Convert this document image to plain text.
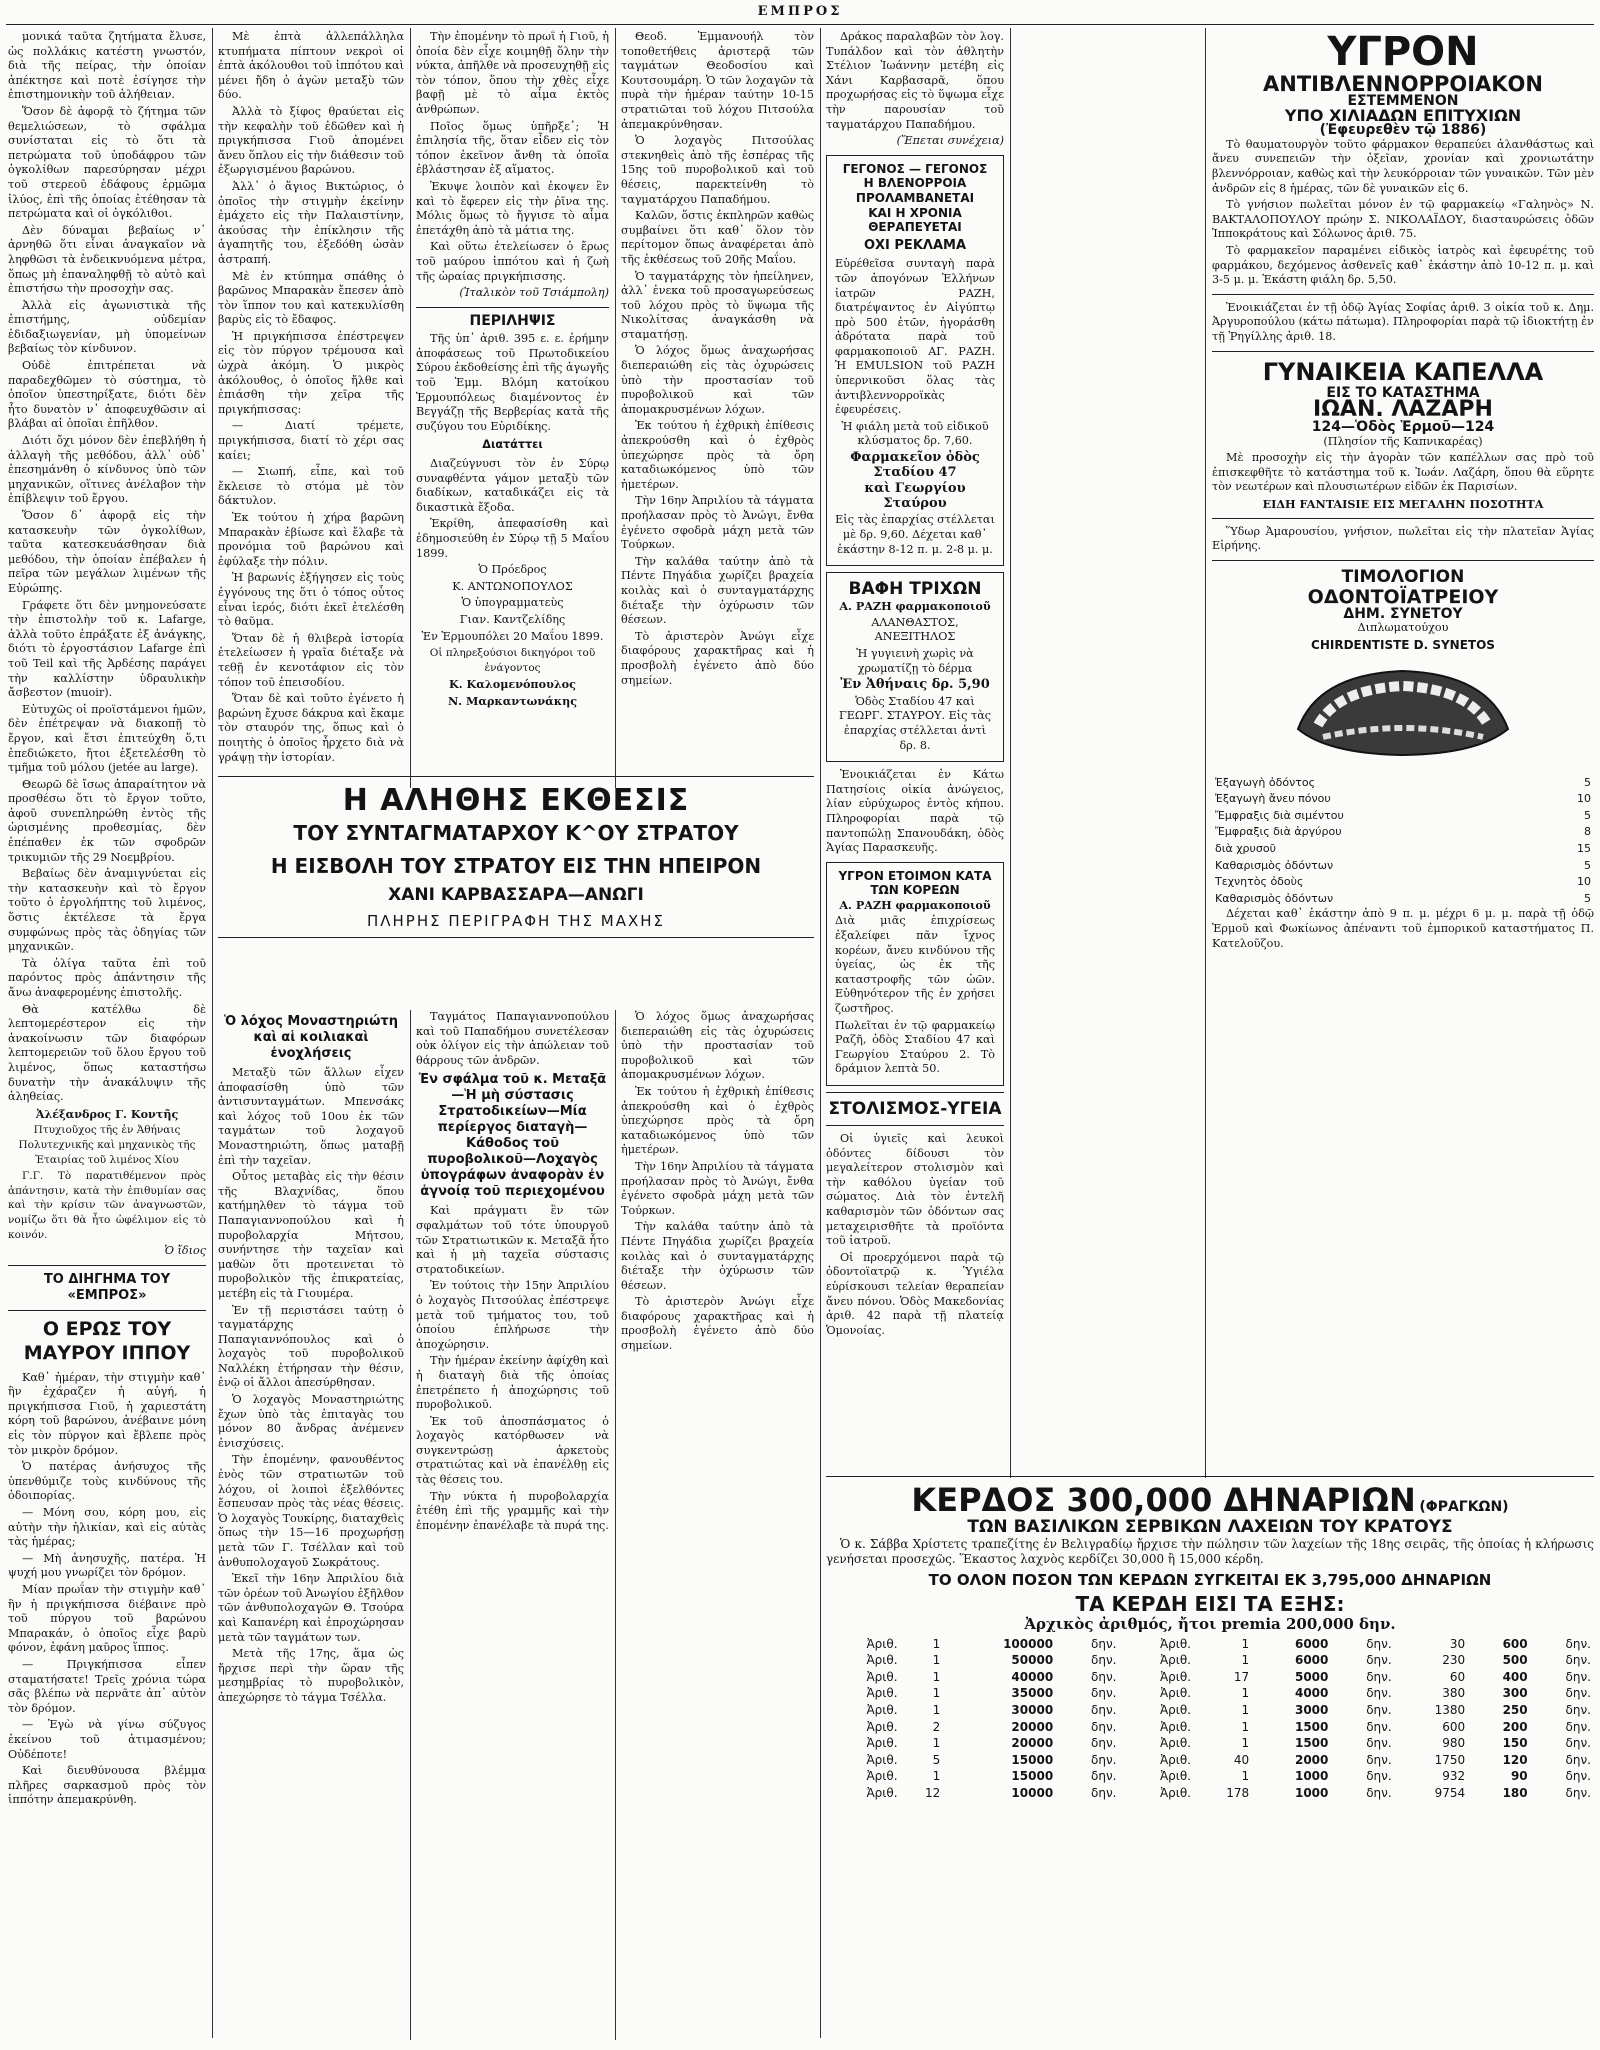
ΕΜΠΡΟΣ

μονικά ταῦτα ζητήματα ἔλυσε, ὡς πολλάκις κατέστη γνωστόν, διὰ τῆς πείρας, τὴν ὁποίαν ἀπέκτησε καὶ ποτὲ ἐσίγησε τὴν ἐπιστημονικὴν τοῦ ἀλήθειαν.

Ὅσον δὲ ἀφορᾷ τὸ ζήτημα τῶν θεμελιώσεων, τὸ σφάλμα συνίσταται εἰς τὸ ὅτι τὰ πετρώματα τοῦ ὑποδάφρου τῶν ὀγκολίθων παρεσύρησαν μέχρι τοῦ στερεοῦ ἐδάφους ἐρμῶμα ἰλύος, ἐπὶ τῆς ὁποίας ἐτέθησαν τὰ πετρώματα καὶ οἱ ὀγκόλιθοι.

Δὲν δύναμαι βεβαίως ν᾿ ἀρνηθῶ ὅτι εἶναι ἀναγκαῖον νὰ ληφθῶσι τὰ ἐνδεικνυόμενα μέτρα, ὅπως μὴ ἐπαναληφθῇ τὸ αὐτὸ καὶ ἐπιστήσω τὴν προσοχὴν σας.

Ἀλλὰ εἰς ἀγωνιστικὰ τῆς ἐπιστήμης, οὐδεμίαν ἐδιδαξιωγενίαν, μὴ ὑπομείνων βεβαίως τὸν κίνδυνον.

Οὐδὲ ἐπιτρέπεται νὰ παραδεχθῶμεν τὸ σύστημα, τὸ ὁποῖον ὑπεστηρίξατε, διότι δὲν ἦτο δυνατὸν ν᾿ ἀποφευχθῶσιν αἱ βλάβαι αἱ ὁποῖαι ἐπῆλθον.

Διότι ὄχι μόνον δὲν ἐπεβλήθη ἡ ἀλλαγὴ τῆς μεθόδου, ἀλλ᾿ οὐδ᾿ ἐπεσημάνθη ὁ κίνδυνος ὑπὸ τῶν μηχανικῶν, οἵτινες ἀνέλαβον τὴν ἐπίβλεψιν τοῦ ἔργου.

Ὅσον δ᾿ ἀφορᾷ εἰς τὴν κατασκευὴν τῶν ὀγκολίθων, ταῦτα κατεσκευάσθησαν διὰ μεθόδου, τὴν ὁποίαν ἐπέβαλεν ἡ πεῖρα τῶν μεγάλων λιμένων τῆς Εὐρώπης.

Γράφετε ὅτι δὲν μνημονεύσατε τὴν ἐπιστολὴν τοῦ κ. Lafarge, ἀλλὰ τοῦτο ἐπράξατε ἐξ ἀνάγκης, διότι τὸ ἐργοστάσιον Lafarge ἐπὶ τοῦ Teil καὶ τῆς Ἀρδέσης παράγει τὴν καλλίστην ὑδραυλικὴν ἄσβεστον (muoir).

Εὐτυχῶς οἱ προϊστάμενοι ἡμῶν, δὲν ἐπέτρεψαν νὰ διακοπῇ τὸ ἔργον, καὶ ἔτσι ἐπιτεύχθη ὅ,τι ἐπεδιώκετο, ἤτοι ἐξετελέσθη τὸ τμῆμα τοῦ μόλου (jetée au large).

Θεωρῶ δὲ ἴσως ἀπαραίτητον νὰ προσθέσω ὅτι τὸ ἔργον τοῦτο, ἀφοῦ συνεπληρώθη ἐντὸς τῆς ὡρισμένης προθεσμίας, δὲν ἐπέπαθεν ἐκ τῶν σφοδρῶν τρικυμιῶν τῆς 29 Νοεμβρίου.

Βεβαίως δὲν ἀναμιγνύεται εἰς τὴν κατασκευὴν καὶ τὸ ἔργον τοῦτο ὁ ἐργολήπτης τοῦ λιμένος, ὅστις ἐκτέλεσε τὰ ἔργα συμφώνως πρὸς τὰς ὁδηγίας τῶν μηχανικῶν.

Τὰ ὀλίγα ταῦτα ἐπὶ τοῦ παρόντος πρὸς ἀπάντησιν τῆς ἄνω ἀναφερομένης ἐπιστολῆς.

Θὰ κατέλθω δὲ λεπτομερέστερον εἰς τὴν ἀνακοίνωσιν τῶν διαφόρων λεπτομερειῶν τοῦ ὅλου ἔργου τοῦ λιμένος, ὅπως καταστήσω δυνατὴν τὴν ἀνακάλυψιν τῆς ἀληθείας.

Ἀλέξανδρος Γ. Κοντῆς

Πτυχιοῦχος τῆς ἐν Ἀθήναις Πολυτεχνικῆς καὶ μηχανικὸς τῆς Ἑταιρίας τοῦ λιμένος Χίου

Γ.Γ. Τὸ παρατιθέμενον πρὸς ἀπάντησιν, κατὰ τὴν ἐπιθυμίαν σας καὶ τὴν κρίσιν τῶν ἀναγνωστῶν, νομίζω ὅτι θὰ ἦτο ὠφέλιμον εἰς τὸ κοινόν.

Ὁ ἴδιος

ΤΟ ΔΙΗΓΗΜΑ ΤΟΥ «ΕΜΠΡΟΣ»
Ο ΕΡΩΣ ΤΟΥ ΜΑΥΡΟΥ ΙΠΠΟΥ

Καθ᾿ ἡμέραν, τὴν στιγμὴν καθ᾿ ἣν ἐχάραζεν ἡ αὐγή, ἡ πριγκήπισσα Γιοῦ, ἡ χαριεστάτη κόρη τοῦ βαρώνου, ἀνέβαινε μόνη εἰς τὸν πύργον καὶ ἔβλεπε πρὸς τὸν μικρὸν δρόμον.

Ὁ πατέρας ἀνήσυχος τῆς ὑπενθύμιζε τοὺς κινδύνους τῆς ὁδοιπορίας.

— Μόνη σου, κόρη μου, εἰς αὐτὴν τὴν ἡλικίαν, καὶ εἰς αὐτὰς τὰς ἡμέρας;

— Μὴ ἀνησυχῆς, πατέρα. Ἡ ψυχή μου γνωρίζει τὸν δρόμον.

Μίαν πρωΐαν τὴν στιγμὴν καθ᾿ ἣν ἡ πριγκήπισσα διέβαινε πρὸ τοῦ πύργου τοῦ βαρώνου Μπαρακάν, ὁ ὁποῖος εἶχε βαρὺ φόνον, ἐφάνη μαῦρος ἵππος.

— Πριγκήπισσα εἶπεν σταματήσατε! Τρεῖς χρόνια τώρα σᾶς βλέπω νὰ περνᾶτε ἀπ᾿ αὐτὸν τὸν δρόμον.

— Ἐγὼ νὰ γίνω σύζυγος ἐκείνου τοῦ ἀτιμασμένου; Οὐδέποτε!

Καὶ διευθύνουσα βλέμμα πλῆρες σαρκασμοῦ πρὸς τὸν ἱππότην ἀπεμακρύνθη.

Μὲ ἑπτὰ ἀλλεπάλληλα κτυπήματα πίπτουν νεκροὶ οἱ ἐπτὰ ἀκόλουθοι τοῦ ἱππότου καὶ μένει ἤδη ὁ ἀγὼν μεταξὺ τῶν δύο.

Ἀλλὰ τὸ ξίφος θραύεται εἰς τὴν κεφαλὴν τοῦ ἐδῶθεν καὶ ἡ πριγκήπισσα Γιοῦ ἀπομένει ἄνευ ὅπλου εἰς τὴν διάθεσιν τοῦ ἐξωργισμένου βαρώνου.

Ἀλλ᾿ ὁ ἅγιος Βικτώριος, ὁ ὁποῖος τὴν στιγμὴν ἐκείνην ἐμάχετο εἰς τὴν Παλαιστίνην, ἀκούσας τὴν ἐπίκλησιν τῆς ἀγαπητῆς του, ἐξεδόθη ὡσὰν ἀστραπή.

Μὲ ἐν κτύπημα σπάθης ὁ βαρῶνος Μπαρακὰν ἔπεσεν ἀπὸ τὸν ἵππον του καὶ κατεκυλίσθη βαρὺς εἰς τὸ ἔδαφος.

Ἡ πριγκήπισσα ἐπέστρεψεν εἰς τὸν πύργον τρέμουσα καὶ ὠχρὰ ἀκόμη. Ὁ μικρὸς ἀκόλουθος, ὁ ὁποῖος ἤλθε καὶ ἐπιάσθη τὴν χεῖρα τῆς πριγκήπισσας:

— Διατί τρέμετε, πριγκήπισσα, διατί τὸ χέρι σας καίει;

— Σιωπή, εἶπε, καὶ τοῦ ἔκλεισε τὸ στόμα μὲ τὸν δάκτυλον.

Ἐκ τούτου ἡ χήρα βαρῶνη Μπαρακὰν ἐβίωσε καὶ ἔλαβε τὰ προνόμια τοῦ βαρώνου καὶ ἐφύλαξε τὴν πόλιν.

Ἡ βαρωνίς ἐξήγησεν εἰς τοὺς ἐγγόνους της ὅτι ὁ τόπος οὗτος εἶναι ἱερός, διότι ἐκεῖ ἐτελέσθη τὸ θαῦμα.

Ὅταν δὲ ἡ θλιβερὰ ἱστορία ἐτελείωσεν ἡ γραῖα διέταξε νὰ τεθῇ ἐν κενοτάφιον εἰς τὸν τόπον τοῦ ἐπεισοδίου.

Ὅταν δὲ καὶ τοῦτο ἐγένετο ἡ βαρώνη ἔχυσε δάκρυα καὶ ἔκαμε τὸν σταυρόν της, ὅπως καὶ ὁ ποιητὴς ὁ ὁποῖος ἦρχετο διὰ νὰ γράψῃ τὴν ἱστορίαν.

Τὴν ἐπομένην τὸ πρωΐ ἡ Γιοῦ, ἡ ὁποία δὲν εἶχε κοιμηθῇ ὅλην τὴν νύκτα, ἀπῆλθε νὰ προσευχηθῇ εἰς τὸν τόπον, ὅπου τὴν χθὲς εἶχε βαφῇ μὲ τὸ αἷμα ἐκτὸς ἀνθρώπων.

Ποῖος ὅμως ὑπῆρξε᾿; Ἡ ἐπιλησία τῆς, ὅταν εἶδεν εἰς τὸν τόπον ἐκεῖνον ἄνθη τὰ ὁποῖα ἐβλάστησαν ἐξ αἵματος.

Ἐκυψε λοιπὸν καὶ ἐκοψεν ἓν καὶ τὸ ἔφερεν εἰς τὴν ῥῖνα της. Μόλις ὅμως τὸ ἤγγισε τὸ αἷμα ἐπετάχθη ἀπὸ τὰ μάτια της.

Καὶ οὕτω ἐτελείωσεν ὁ ἔρως τοῦ μαύρου ἱππότου καὶ ἡ ζωὴ τῆς ὡραίας πριγκήπισσης.

(Ἰταλικὸν τοῦ Τσιάμπολη)

ΠΕΡΙΛΗΨΙΣ

Τῆς ὑπ᾿ ἀριθ. 395 ε. ε. ἐρήμην ἀποφάσεως τοῦ Πρωτοδικείου Σύρου ἐκδοθείσης ἐπὶ τῆς ἀγωγῆς τοῦ Ἐμμ. Βλόμη κατοίκου Ἑρμουπόλεως διαμένοντος ἐν Βεγγάζῃ τῆς Βερβερίας κατὰ τῆς συζύγου του Εὐριδίκης.

Διατάττει

Διαζεύγνυσι τὸν ἐν Σύρῳ συναφθέντα γάμον μεταξὺ τῶν διαδίκων, καταδικάζει εἰς τὰ δικαστικὰ ἔξοδα.

Ἐκρίθη, ἀπεφασίσθη καὶ ἐδημοσιεύθη ἐν Σύρῳ τῇ 5 Μαΐου 1899.

Ὁ Πρόεδρος

Κ. ΑΝΤΩΝΟΠΟΥΛΟΣ

Ὁ ὑπογραμματεὺς

Γιαν. Καντζελίδης

Ἐν Ἑρμουπόλει 20 Μαΐου 1899.

Οἱ πληρεξούσιοι δικηγόροι τοῦ ἐνάγοντος

Κ. Καλομενόπουλος

Ν. Μαρκαντωνάκης

Θεοδ. Ἐμμανουήλ τὸν τοποθετήθεις ἀριστερᾷ τῶν ταγμάτων Θεοδοσίου καὶ Κουτσουμάρη. Ὁ τῶν λοχαγῶν τὰ πυρὰ τὴν ἡμέραν ταύτην 10-15 στρατιῶται τοῦ λόχου Πιτσούλα ἀπεμακρύνθησαν.

Ὁ λοχαγὸς Πιτσούλας στεκνηθεὶς ἀπὸ τῆς ἑσπέρας τῆς 15ης τοῦ πυροβολικοῦ καὶ τοῦ θέσεις, παρεκτείνθη τὸ ταγματάρχου Παπαδήμου.

Καλῶν, ὅστις ἐκπληρῶν καθὼς συμβαίνει ὅτι καθ᾿ ὅλον τὸν περίτομον ὅπως ἀναφέρεται ἀπὸ τῆς ἐκθέσεως τοῦ 20ῆς Μαΐου.

Ὁ ταγματάρχης τὸν ἠπείληνεν, ἀλλ᾿ ἐνεκα τοῦ προσαγωρεύσεως τοῦ λόχου πρὸς τὸ ὕψωμα τῆς Νικολίτσας ἀναγκάσθη νὰ σταματήσῃ.

Ὁ λόχος ὅμως ἀναχωρήσας διεπεραιώθη εἰς τὰς ὀχυρώσεις ὑπὸ τὴν προστασίαν τοῦ πυροβολικοῦ καὶ τῶν ἀπομακρυσμένων λόχων.

Ἐκ τούτου ἡ ἐχθρικὴ ἐπίθεσις ἀπεκρούσθη καὶ ὁ ἐχθρὸς ὑπεχώρησε πρὸς τὰ ὄρη καταδιωκόμενος ὑπὸ τῶν ἡμετέρων.

Τὴν 16ην Ἀπριλίου τὰ τάγματα προήλασαν πρὸς τὸ Ἀνώγι, ἔνθα ἐγένετο σφοδρὰ μάχη μετὰ τῶν Τούρκων.

Τὴν καλάθα ταύτην ἀπὸ τὰ Πέντε Πηγάδια χωρίζει βραχεία κοιλὰς καὶ ὁ συνταγματάρχης διέταξε τὴν ὀχύρωσιν τῶν θέσεων.

Τὸ ἀριστερὸν Ἀνώγι εἶχε διαφόρους χαρακτῆρας καὶ ἡ προσβολὴ ἐγένετο ἀπὸ δύο σημείων.

Η ΑΛΗΘΗΣ ΕΚΘΕΣΙΣ
ΤΟΥ ΣΥΝΤΑΓΜΑΤΑΡΧΟΥ Κ^ΟΥ ΣΤΡΑΤΟΥ
Η ΕΙΣΒΟΛΗ ΤΟΥ ΣΤΡΑΤΟΥ ΕΙΣ ΤΗΝ ΗΠΕΙΡΟΝ
ΧΑΝΙ ΚΑΡΒΑΣΣΑΡΑ—ΑΝΩΓΙ
ΠΛΗΡΗΣ ΠΕΡΙΓΡΑΦΗ ΤΗΣ ΜΑΧΗΣ
Ὁ λόχος Μοναστηριώτη καὶ αἱ κοιλιακαὶ ἐνοχλήσεις

Μεταξὺ τῶν ἄλλων εἶχεν ἀποφασίσθη ὑπὸ τῶν ἀντισυνταγμάτων. Μπενσάκς καὶ λόχος τοῦ 10ου ἐκ τῶν ταγμάτων τοῦ λοχαγοῦ Μοναστηριώτη, ὅπως ματαβῇ ἐπὶ τὴν ταχεῖαν.

Οὗτος μεταβὰς εἰς τὴν θέσιν τῆς Βλαχνίδας, ὅπου κατήμηλθεν τὸ τάγμα τοῦ Παπαγιαννοπούλου καὶ ἡ πυροβολαρχία Μήτσου, συνήντησε τὴν ταχεῖαν καὶ μαθὼν ὅτι προτεινεται τὸ πυροβολικὸν τῆς ἐπικρατείας, μετέβη εἰς τὰ Γιουμέρα.

Ἐν τῇ περιστάσει ταύτῃ ὁ ταγματάρχης Παπαγιαννόπουλος καὶ ὁ λοχαγὸς τοῦ πυροβολικοῦ Ναλλέκη ἐτήρησαν τὴν θέσιν, ἐνῷ οἱ ἄλλοι ἀπεσύρθησαν.

Ὁ λοχαγὸς Μοναστηριώτης ἔχων ὑπὸ τὰς ἐπιταγὰς του μόνον 80 ἄνδρας ἀνέμενεν ἐνισχύσεις.

Τὴν ἑπομένην, φανουθέντος ἐνὸς τῶν στρατιωτῶν τοῦ λόχου, οἱ λοιποὶ ἐξελθόντες ἔσπευσαν πρὸς τὰς νέας θέσεις. Ὁ λοχαγὸς Τουκίρης, διαταχθεὶς ὅπως τὴν 15—16 προχωρήσῃ μετὰ τῶν Γ. Τσέλλαν καὶ τοῦ ἀνθυπολοχαγοῦ Σωκράτους.

Ἐκεῖ τὴν 16ην Ἀπριλίου διὰ τῶν ὀρέων τοῦ Ἀνωγίου ἐξῆλθον τῶν ἀνθυπολοχαγῶν Θ. Τσούρα καὶ Καπανέρη καὶ ἐπροχώρησαν μετὰ τῶν ταγμάτων των.

Μετὰ τῆς 17ης, ἅμα ὡς ἤρχισε περὶ τὴν ὥραν τῆς μεσημβρίας τὸ πυροβολικὸν, ἀπεχώρησε τὸ τάγμα Τσέλλα.

Ταγμάτος Παπαγιαννοπούλου καὶ τοῦ Παπαδήμου συνετέλεσαν οὐκ ὀλίγον εἰς τὴν ἀπώλειαν τοῦ θάρρους τῶν ἀνδρῶν.

Ἐν σφάλμα τοῦ κ. Μεταξᾶ—Ἡ μὴ σύστασις Στρατοδικείων—Μία περίεργος διαταγὴ—Κάθοδος τοῦ πυροβολικοῦ—Λοχαγὸς ὑπογράφων ἀναφορὰν ἐν ἀγνοίᾳ τοῦ περιεχομένου

Καὶ πράγματι ἓν τῶν σφαλμάτων τοῦ τότε ὑπουργοῦ τῶν Στρατιωτικῶν κ. Μεταξᾶ ἦτο καὶ ἡ μὴ ταχεῖα σύστασις στρατοδικείων.

Ἐν τούτοις τὴν 15ην Ἀπριλίου ὁ λοχαγὸς Πιτσούλας ἐπέστρεψε μετὰ τοῦ τμήματος του, τοῦ ὁποίου ἐπλήρωσε τὴν ἀποχώρησιν.

Τὴν ἡμέραν ἐκείνην ἀφίχθη καὶ ἡ διαταγὴ διὰ τῆς ὁποίας ἐπετρέπετο ἡ ἀποχώρησις τοῦ πυροβολικοῦ.

Ἐκ τοῦ ἀποσπάσματος ὁ λοχαγὸς κατόρθωσεν νὰ συγκεντρώσῃ ἀρκετοὺς στρατιώτας καὶ νὰ ἐπανέλθῃ εἰς τὰς θέσεις του.

Τὴν νύκτα ἡ πυροβολαρχία ἐτέθη ἐπὶ τῆς γραμμῆς καὶ τὴν ἐπομένην ἐπανέλαβε τὰ πυρά της.

Ὁ λόχος ὅμως ἀναχωρήσας διεπεραιώθη εἰς τὰς ὀχυρώσεις ὑπὸ τὴν προστασίαν τοῦ πυροβολικοῦ καὶ τῶν ἀπομακρυσμένων λόχων.

Ἐκ τούτου ἡ ἐχθρικὴ ἐπίθεσις ἀπεκρούσθη καὶ ὁ ἐχθρὸς ὑπεχώρησε πρὸς τὰ ὄρη καταδιωκόμενος ὑπὸ τῶν ἡμετέρων.

Τὴν 16ην Ἀπριλίου τὰ τάγματα προήλασαν πρὸς τὸ Ἀνώγι, ἔνθα ἐγένετο σφοδρὰ μάχη μετὰ τῶν Τούρκων.

Τὴν καλάθα ταύτην ἀπὸ τὰ Πέντε Πηγάδια χωρίζει βραχεία κοιλὰς καὶ ὁ συνταγματάρχης διέταξε τὴν ὀχύρωσιν τῶν θέσεων.

Τὸ ἀριστερὸν Ἀνώγι εἶχε διαφόρους χαρακτῆρας καὶ ἡ προσβολὴ ἐγένετο ἀπὸ δύο σημείων.

Δράκος παραλαβῶν τὸν λογ. Τυπάλδον καὶ τὸν ἀθλητὴν Στέλιον Ἰωάννην μετέβη εἰς Χάνι Καρβασαρᾶ, ὅπου προχωρήσας εἰς τὸ ὕψωμα εἶχε τὴν παρουσίαν τοῦ ταγματάρχου Παπαδήμου.

(Ἕπεται συνέχεια)

ΓΕΓΟΝΟΣ — ΓΕΓΟΝΟΣ
Η ΒΛΕΝΟΡΡΟΙΑ ΠΡΟΛΑΜΒΑΝΕΤΑΙ
ΚΑΙ Η ΧΡΟΝΙΑ ΘΕΡΑΠΕΥΕΤΑΙ
ΟΧΙ ΡΕΚΛΑΜΑ

Εὑρέθεῖσα συνταγὴ παρὰ τῶν ἀπογόνων Ἑλλήνων ἰατρῶν ΡΑΖΗ, διατρέψαντος ἐν Αἰγύπτῳ πρὸ 500 ἐτῶν, ἠγοράσθη ἀδρότατα παρὰ τοῦ φαρμακοποιοῦ ΑΓ. ΡΑΖΗ. Ἡ EMULSION τοῦ ΡΑΖΗ ὑπερνικοῦσι ὅλας τὰς ἀντιβλεννορροϊκὰς ἐφευρέσεις.

Ἡ φιάλη μετὰ τοῦ εἰδικοῦ κλύσματος δρ. 7,60.

Φαρμακεῖον ὁδὸς Σταδίου 47

καὶ Γεωργίου Σταύρου

Εἰς τὰς ἐπαρχίας στέλλεται μὲ δρ. 9,60. Δέχεται καθ᾿ ἑκάστην 8-12 π. μ. 2-8 μ. μ.

ΒΑΦΗ ΤΡΙΧΩΝ

Α. ΡΑΖΗ φαρμακοποιοῦ

ΑΛΑΝΘΑΣΤΟΣ, ΑΝΕΞΙΤΗΛΟΣ

Ἡ γυγιεινὴ χωρὶς νὰ χρωματίζῃ τὸ δέρμα

Ἐν Ἀθήναις δρ. 5,90

Ὁδὸς Σταδίου 47 καὶ ΓΕΩΡΓ. ΣΤΑΥΡΟΥ. Εἰς τὰς ἐπαρχίας στέλλεται ἀντὶ δρ. 8.

Ἐνοικιάζεται ἐν Κάτω Πατησίοις οἰκία ἀνώγειος, λίαν εὐρύχωρος ἐντὸς κήπου. Πληροφορίαι παρὰ τῷ παντοπώλῃ Σπανουδάκη, ὁδὸς Ἁγίας Παρασκευῆς.

ΥΓΡΟΝ ΕΤΟΙΜΟΝ ΚΑΤΑ ΤΩΝ ΚΟΡΕΩΝ

Α. ΡΑΖΗ φαρμακοποιοῦ

Διὰ μιᾶς ἐπιχρίσεως ἐξαλείφει πᾶν ἴχνος κορέων, ἄνευ κινδύνου τῆς ὑγείας, ὡς ἐκ τῆς καταστροφῆς τῶν ὠῶν. Εὐθηνότερον τῆς ἐν χρήσει ζωστῆρος.

Πωλεῖται ἐν τῷ φαρμακείῳ Ραζῆ, ὁδὸς Σταδίου 47 καὶ Γεωργίου Σταύρου 2. Τὸ δράμιον λεπτὰ 50.

ΣΤΟΛΙΣΜΟΣ-ΥΓΕΙΑ

Οἱ ὑγιεῖς καὶ λευκοὶ ὀδόντες δίδουσι τὸν μεγαλείτερον στολισμὸν καὶ τὴν καθόλου ὑγείαν τοῦ σώματος. Διὰ τὸν ἐντελῆ καθαρισμὸν τῶν ὀδόντων σας μεταχειρισθῆτε τὰ προϊόντα τοῦ ἰατροῦ.

Οἱ προερχόμενοι παρὰ τῷ ὀδοντοϊατρῷ κ. Ὑγιέλα εὑρίσκουσι τελείαν θεραπείαν ἄνευ πόνου. Ὁδὸς Μακεδονίας ἀριθ. 42 παρὰ τῇ πλατείᾳ Ὁμονοίας.

ΥΓΡΟΝ
ΑΝΤΙΒΛΕΝΝΟΡΡΟΙΑΚΟΝ
ΕΣΤΕΜΜΕΝΟΝ
ΥΠΟ ΧΙΛΙΑΔΩΝ ΕΠΙΤΥΧΙΩΝ
(Ἐφευρεθὲν τῷ 1886)

Τὸ θαυματουργὸν τοῦτο φάρμακον θεραπεύει ἀλανθάστως καὶ ἄνευ συνεπειῶν τὴν ὀξεῖαν, χρονίαν καὶ χρονιωτάτην βλεννόρροιαν, καθὼς καὶ τὴν λευκόρροιαν τῶν γυναικῶν. Τῶν μὲν ἀνδρῶν εἰς 8 ἡμέρας, τῶν δὲ γυναικῶν εἰς 6.

Τὸ γνήσιον πωλεῖται μόνον ἐν τῷ φαρμακείῳ «Γαληνὸς» Ν. ΒΑΚΤΑΛΟΠΟΥΛΟΥ πρώην Σ. ΝΙΚΟΛΑΪΔΟΥ, διασταυρώσεις ὁδῶν Ἱπποκράτους καὶ Σόλωνος ἀριθ. 75.

Τὸ φαρμακεῖον παραμένει εἰδικὸς ἰατρὸς καὶ ἐφευρέτης τοῦ φαρμάκου, δεχόμενος ἀσθενεῖς καθ᾿ ἑκάστην ἀπὸ 10-12 π. μ. καὶ 3-5 μ. μ. Ἑκάστη φιάλη δρ. 5,50.

Ἐνοικιάζεται ἐν τῇ ὁδῷ Ἁγίας Σοφίας ἀριθ. 3 οἰκία τοῦ κ. Δημ. Ἀργυροπούλου (κάτω πάτωμα). Πληροφορίαι παρὰ τῷ ἰδιοκτήτῃ ἐν τῇ Ῥηγίλλης ἀριθ. 18.

ΓΥΝΑΙΚΕΙΑ ΚΑΠΕΛΛΑ
ΕΙΣ ΤΟ ΚΑΤΑΣΤΗΜΑ
ΙΩΑΝ. ΛΑΖΑΡΗ
124—Ὁδὸς Ἑρμοῦ—124

(Πλησίον τῆς Καπνικαρέας)

Μὲ προσοχὴν εἰς τὴν ἀγορὰν τῶν καπέλλων σας πρὸ τοῦ ἐπισκεφθῆτε τὸ κατάστημα τοῦ κ. Ἰωάν. Λαζάρη, ὅπου θὰ εὕρητε τὸν νεωτέρων καὶ πλουσιωτέρων εἰδῶν ἐκ Παρισίων.

ΕΙΔΗ FANTAISIE ΕΙΣ ΜΕΓΑΛΗΝ ΠΟΣΟΤΗΤΑ

Ὕδωρ Ἀμαρουσίου, γνήσιον, πωλεῖται εἰς τὴν πλατεῖαν Ἁγίας Εἰρήνης.

ΤΙΜΟΛΟΓΙΟΝ
ΟΔΟΝΤΟΪΑΤΡΕΙΟΥ
ΔΗΜ. ΣΥΝΕΤΟΥ

Διπλωματούχου

CHIRDENTISTE D. SYNETOS
Ἐξαγωγὴ ὀδόντος	5
Ἐξαγωγὴ ἄνευ πόνου	10
Ἔμφραξις διὰ σιμέντου	5
Ἔμφραξις διὰ ἀργύρου	8
διὰ χρυσοῦ	15
Καθαρισμὸς ὀδόντων	5
Τεχνητὸς ὀδοὺς	10
Καθαρισμὸς ὀδόντων	5

Δέχεται καθ᾿ ἑκάστην ἀπὸ 9 π. μ. μέχρι 6 μ. μ. παρὰ τῇ ὁδῷ Ἑρμοῦ καὶ Φωκίωνος ἀπέναντι τοῦ ἐμπορικοῦ καταστήματος Π. Κατελοῦζου.

ΚΕΡΔΟΣ 300,000 ΔΗΝΑΡΙΩΝ (ΦΡΑΓΚΩΝ)
ΤΩΝ ΒΑΣΙΛΙΚΩΝ ΣΕΡΒΙΚΩΝ ΛΑΧΕΙΩΝ ΤΟΥ ΚΡΑΤΟΥΣ

Ὁ κ. Σάββα Χρίστετς τραπεζίτης ἐν Βελιγραδίῳ ἤρχισε τὴν πώλησιν τῶν λαχείων τῆς 18ης σειρᾶς, τῆς ὁποίας ἡ κλήρωσις γενήσεται προσεχῶς. Ἕκαστος λαχνὸς κερδίζει 30,000 ἢ 15,000 κέρδη.

ΤΟ ΟΛΟΝ ΠΟΣΟΝ ΤΩΝ ΚΕΡΔΩΝ ΣΥΓΚΕΙΤΑΙ ΕΚ 3,795,000 ΔΗΝΑΡΙΩΝ
ΤΑ ΚΕΡΔΗ ΕΙΣΙ ΤΑ ΕΞΗΣ:

Ἀρχικὸς ἀριθμός, ἤτοι premia 200,000 δην.

Ἀριθ.	1	100000	δην.	Ἀριθ.	1	6000	δην.	30	600	δην.
Ἀριθ.	1	50000	δην.	Ἀριθ.	1	6000	δην.	230	500	δην.
Ἀριθ.	1	40000	δην.	Ἀριθ.	17	5000	δην.	60	400	δην.
Ἀριθ.	1	35000	δην.	Ἀριθ.	1	4000	δην.	380	300	δην.
Ἀριθ.	1	30000	δην.	Ἀριθ.	1	3000	δην.	1380	250	δην.
Ἀριθ.	2	20000	δην.	Ἀριθ.	1	1500	δην.	600	200	δην.
Ἀριθ.	1	20000	δην.	Ἀριθ.	1	1500	δην.	980	150	δην.
Ἀριθ.	5	15000	δην.	Ἀριθ.	40	2000	δην.	1750	120	δην.
Ἀριθ.	1	15000	δην.	Ἀριθ.	1	1000	δην.	932	90	δην.
Ἀριθ.	12	10000	δην.	Ἀριθ.	178	1000	δην.	9754	180	δην.
